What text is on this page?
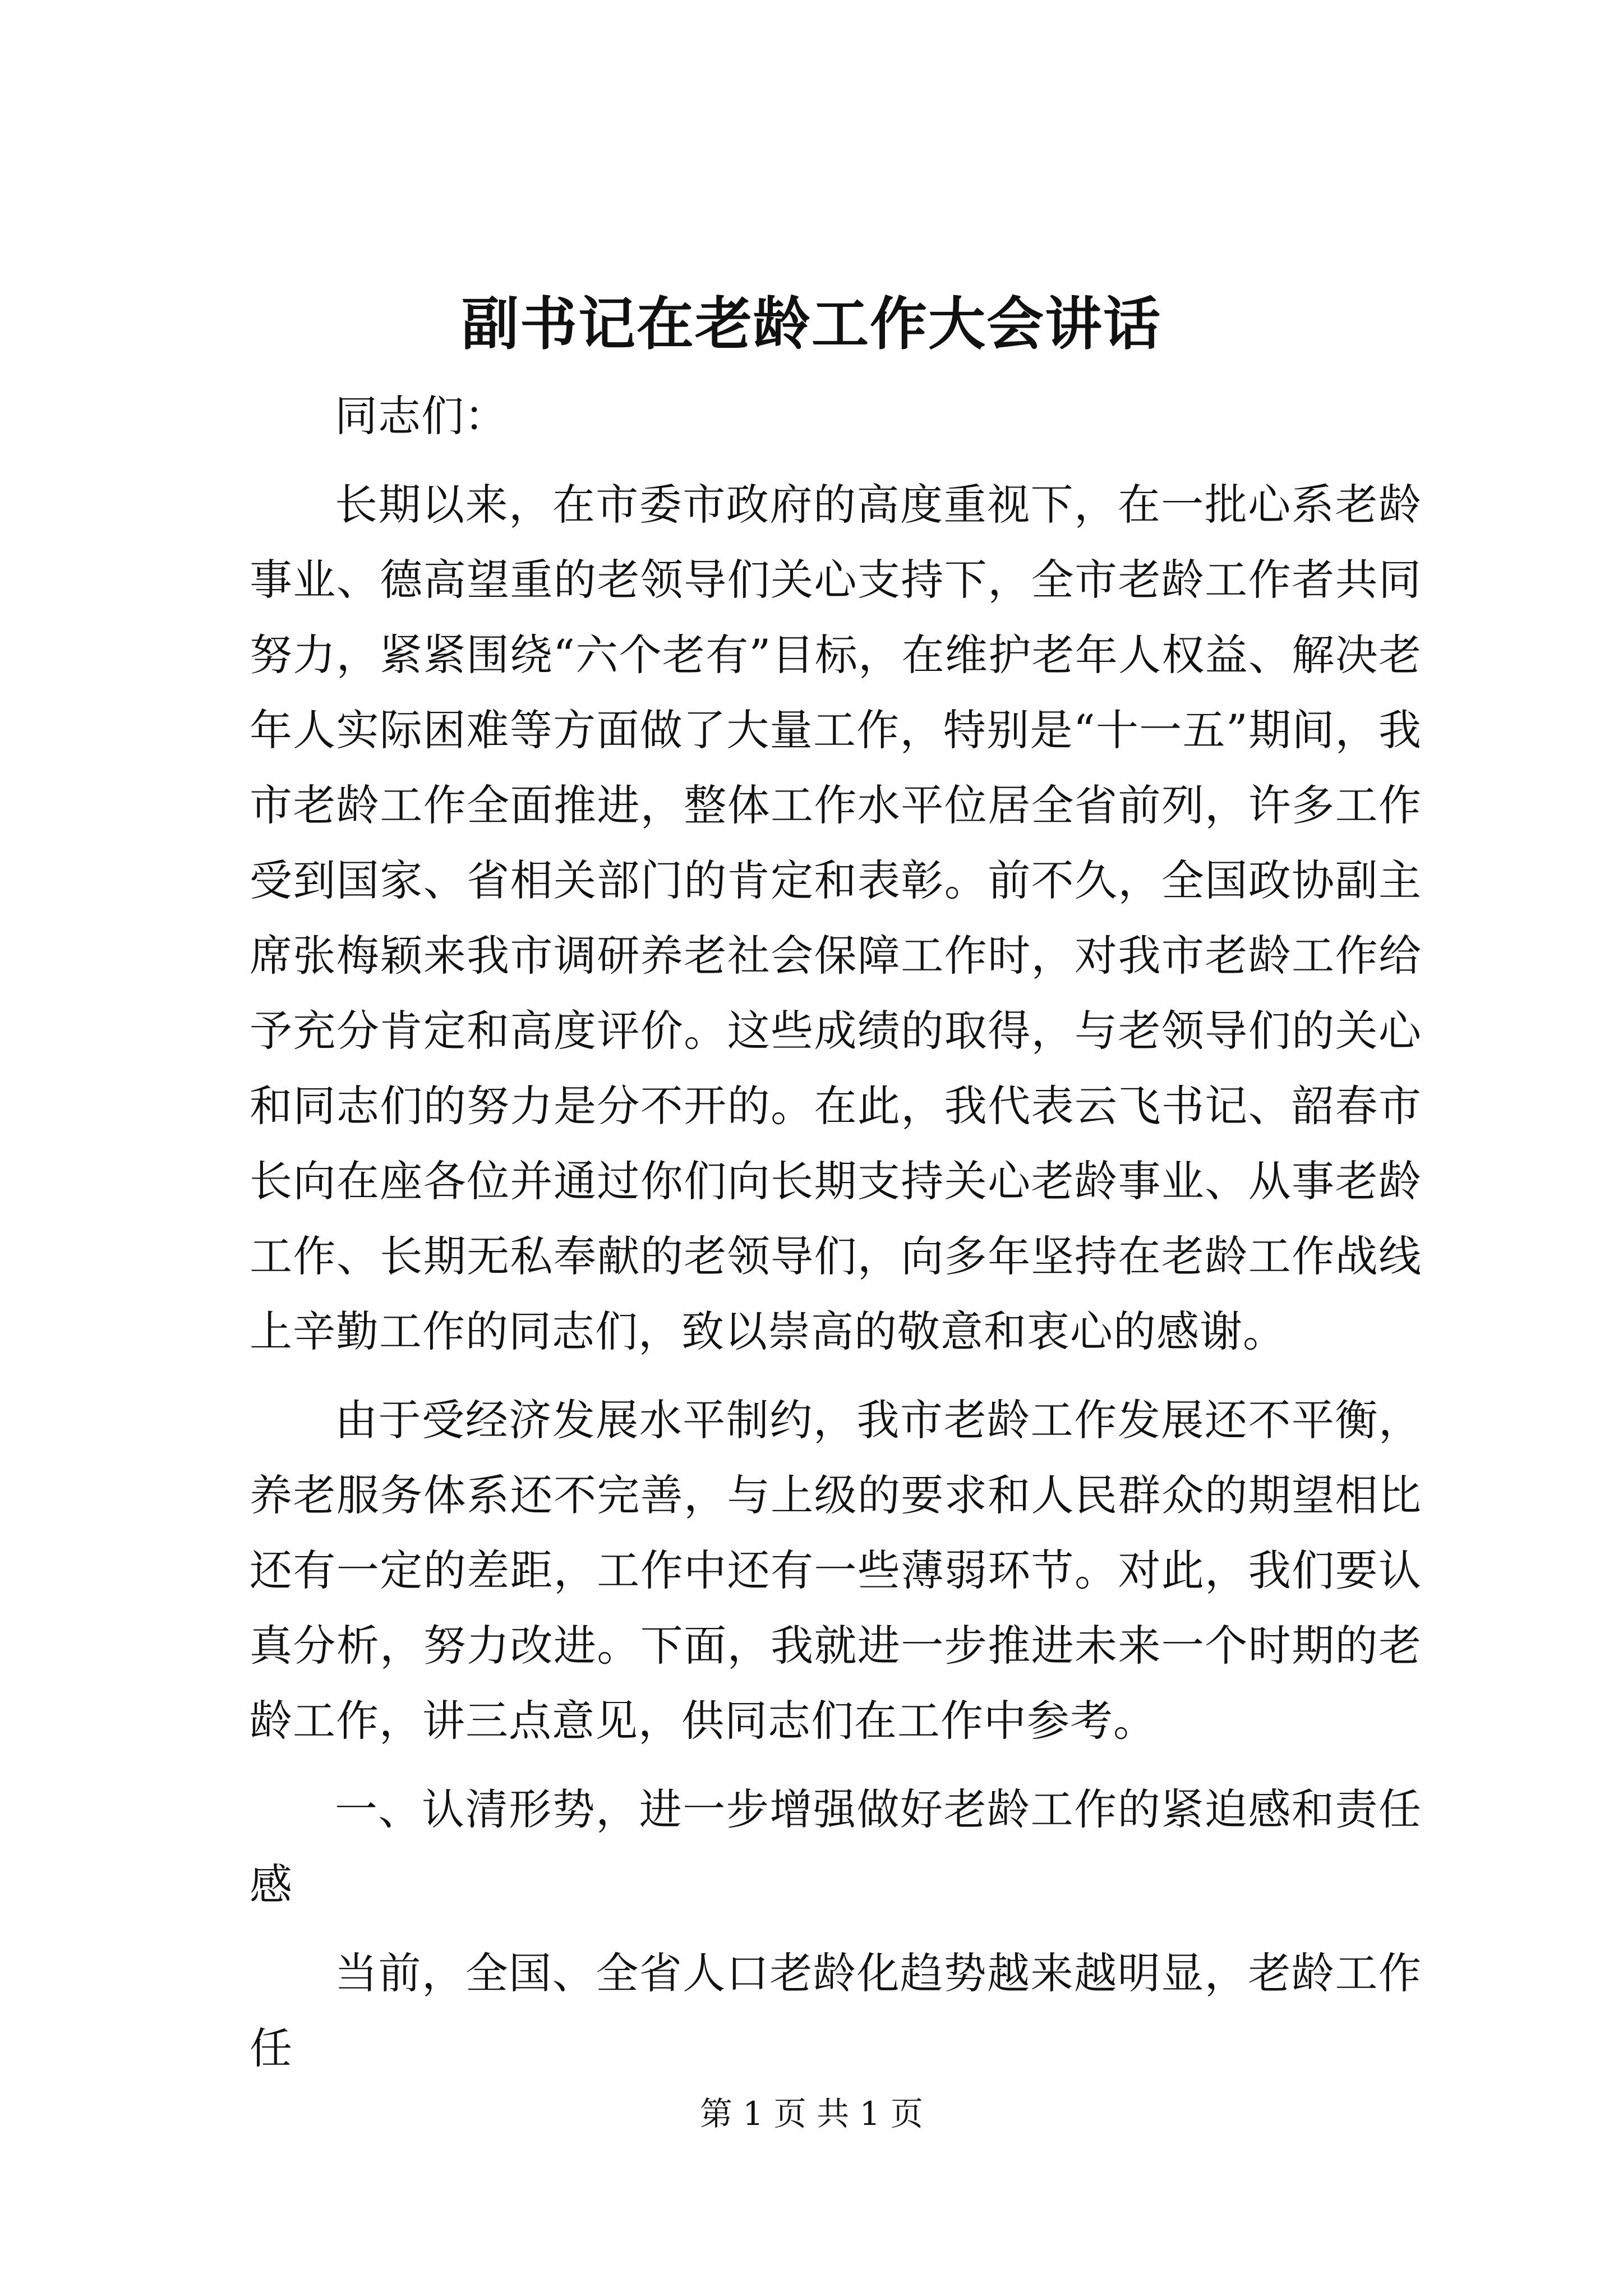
副书记在老龄工作大会讲话

同志们：

长期以来，在市委市政府的高度重视下，在一批心系老龄事业、德高望重的老领导们关心支持下，全市老龄工作者共同努力，紧紧围绕“六个老有”目标，在维护老年人权益、解决老年人实际困难等方面做了大量工作，特别是“十一五”期间，我市老龄工作全面推进，整体工作水平位居全省前列，许多工作受到国家、省相关部门的肯定和表彰。前不久，全国政协副主席张梅颖来我市调研养老社会保障工作时，对我市老龄工作给予充分肯定和高度评价。这些成绩的取得，与老领导们的关心和同志们的努力是分不开的。在此，我代表云飞书记、韶春市长向在座各位并通过你们向长期支持关心老龄事业、从事老龄工作、长期无私奉献的老领导们，向多年坚持在老龄工作战线上辛勤工作的同志们，致以崇高的敬意和衷心的感谢。

由于受经济发展水平制约，我市老龄工作发展还不平衡，养老服务体系还不完善，与上级的要求和人民群众的期望相比还有一定的差距，工作中还有一些薄弱环节。对此，我们要认真分析，努力改进。下面，我就进一步推进未来一个时期的老龄工作，讲三点意见，供同志们在工作中参考。

一、认清形势，进一步增强做好老龄工作的紧迫感和责任感

当前，全国、全省人口老龄化趋势越来越明显，老龄工作任

第 1 页 共 1 页
